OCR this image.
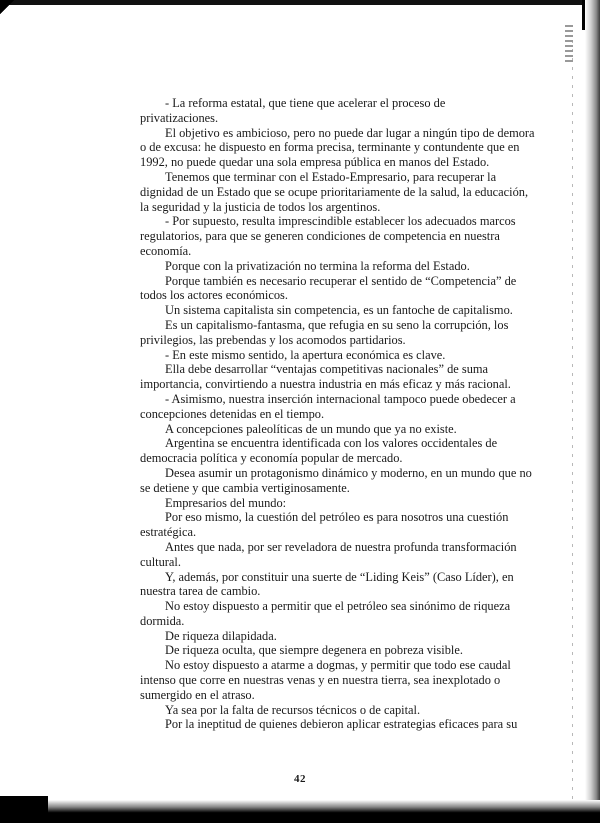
- La reforma estatal, que tiene que acelerar el proceso de
privatizaciones.
El objetivo es ambicioso, pero no puede dar lugar a ningún tipo de demora
o de excusa: he dispuesto en forma precisa, terminante y contundente que en
1992, no puede quedar una sola empresa pública en manos del Estado.
Tenemos que terminar con el Estado-Empresario, para recuperar la
dignidad de un Estado que se ocupe prioritariamente de la salud, la educación,
la seguridad y la justicia de todos los argentinos.
- Por supuesto, resulta imprescindible establecer los adecuados marcos
regulatorios, para que se generen condiciones de competencia en nuestra
economía.
Porque con la privatización no termina la reforma del Estado.
Porque también es necesario recuperar el sentido de “Competencia” de
todos los actores económicos.
Un sistema capitalista sin competencia, es un fantoche de capitalismo.
Es un capitalismo-fantasma, que refugia en su seno la corrupción, los
privilegios, las prebendas y los acomodos partidarios.
- En este mismo sentido, la apertura económica es clave.
Ella debe desarrollar “ventajas competitivas nacionales” de suma
importancia, convirtiendo a nuestra industria en más eficaz y más racional.
- Asimismo, nuestra inserción internacional tampoco puede obedecer a
concepciones detenidas en el tiempo.
A concepciones paleolíticas de un mundo que ya no existe.
Argentina se encuentra identificada con los valores occidentales de
democracia política y economía popular de mercado.
Desea asumir un protagonismo dinámico y moderno, en un mundo que no
se detiene y que cambia vertiginosamente.
Empresarios del mundo:
Por eso mismo, la cuestión del petróleo es para nosotros una cuestión
estratégica.
Antes que nada, por ser reveladora de nuestra profunda transformación
cultural.
Y, además, por constituir una suerte de “Liding Keis” (Caso Líder), en
nuestra tarea de cambio.
No estoy dispuesto a permitir que el petróleo sea sinónimo de riqueza
dormida.
De riqueza dilapidada.
De riqueza oculta, que siempre degenera en pobreza visible.
No estoy dispuesto a atarme a dogmas, y permitir que todo ese caudal
intenso que corre en nuestras venas y en nuestra tierra, sea inexplotado o
sumergido en el atraso.
Ya sea por la falta de recursos técnicos o de capital.
Por la ineptitud de quienes debieron aplicar estrategias eficaces para su
42
